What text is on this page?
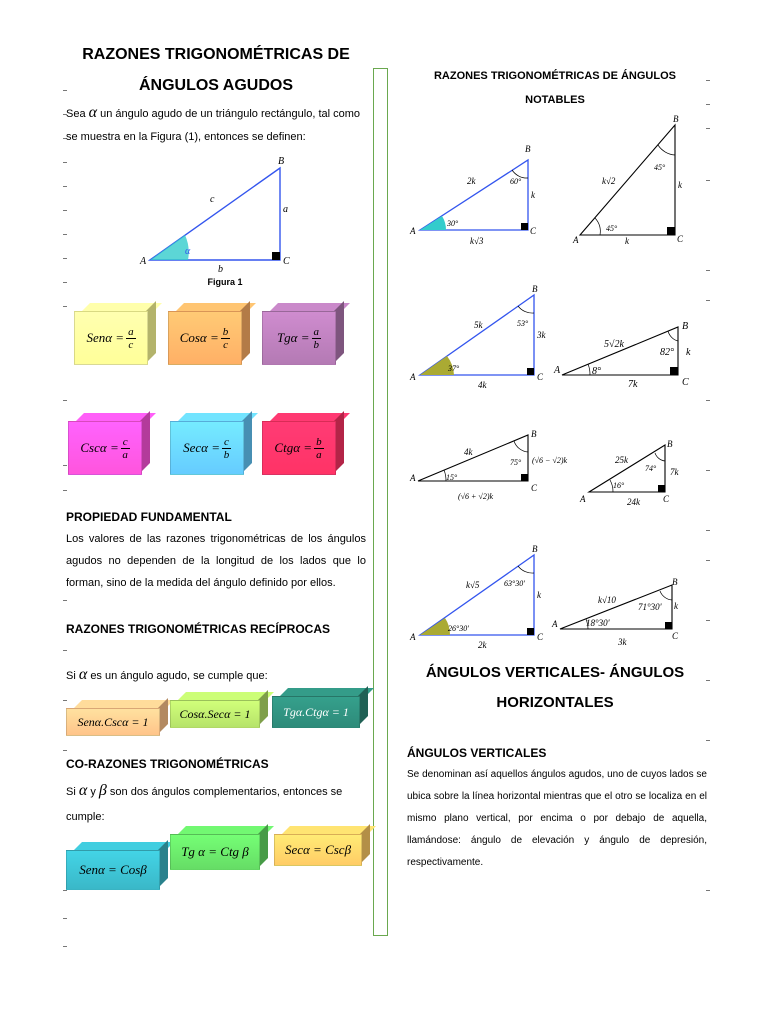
RAZONES TRIGONOMÉTRICAS DE
ÁNGULOS AGUDOS
Sea α un ángulo agudo de un triángulo rectángulo, tal como
se muestra en la Figura (1), entonces se definen:
A
B
C
c
a
b
α
Figura 1
$Sen\alpha = \frac{a}{c}$	$Cos\alpha = \frac{b}{c}$	$Tg\alpha = \frac{a}{b}$
$Csc\alpha = \frac{c}{a}$	$Sec\alpha = \frac{c}{b}$	$Ctg\alpha = \frac{b}{a}$
PROPIEDAD FUNDAMENTAL
Los valores de las razones trigonométricas de los ángulos agudos no dependen de la longitud de los lados que lo forman, sino de la medida del ángulo definido por ellos.
RAZONES TRIGONOMÉTRICAS RECÍPROCAS
Si α es un ángulo agudo, se cumple que:
Senα.Cscα = 1
Cosα.Secα = 1	Tgα.Ctgα = 1
CO-RAZONES TRIGONOMÉTRICAS
Si α y β son dos ángulos complementarios, entonces se
cumple:
Senα = Cosβ
Tg α = Ctg β	Secα = Cscβ
RAZONES TRIGONOMÉTRICAS DE ÁNGULOS
NOTABLES
A
B
C
2k
k
k√3
30°
60°
A
B
C
k√2	k
k
45°
45°
A
B
C
5k
3k
4k
37°
53°
A
B
C
5√2k
k
7k
8°
82°
A
B
C
4k
(√6 − √2)k
(√6 + √2)k
15°
75°
A
B
C
25k
7k
24k
16°
74°
A
B
C
k√5
k
2k
26°30'
63°30'
A
B
C
k√10
k
3k
18°30'
71°30'
ÁNGULOS VERTICALES- ÁNGULOS
HORIZONTALES
ÁNGULOS VERTICALES
Se denominan así aquellos ángulos agudos, uno de cuyos lados se ubica sobre la línea horizontal mientras que el otro se localiza en el mismo plano vertical, por encima o por debajo de aquella, llamándose: ángulo de elevación y ángulo de depresión, respectivamente.
